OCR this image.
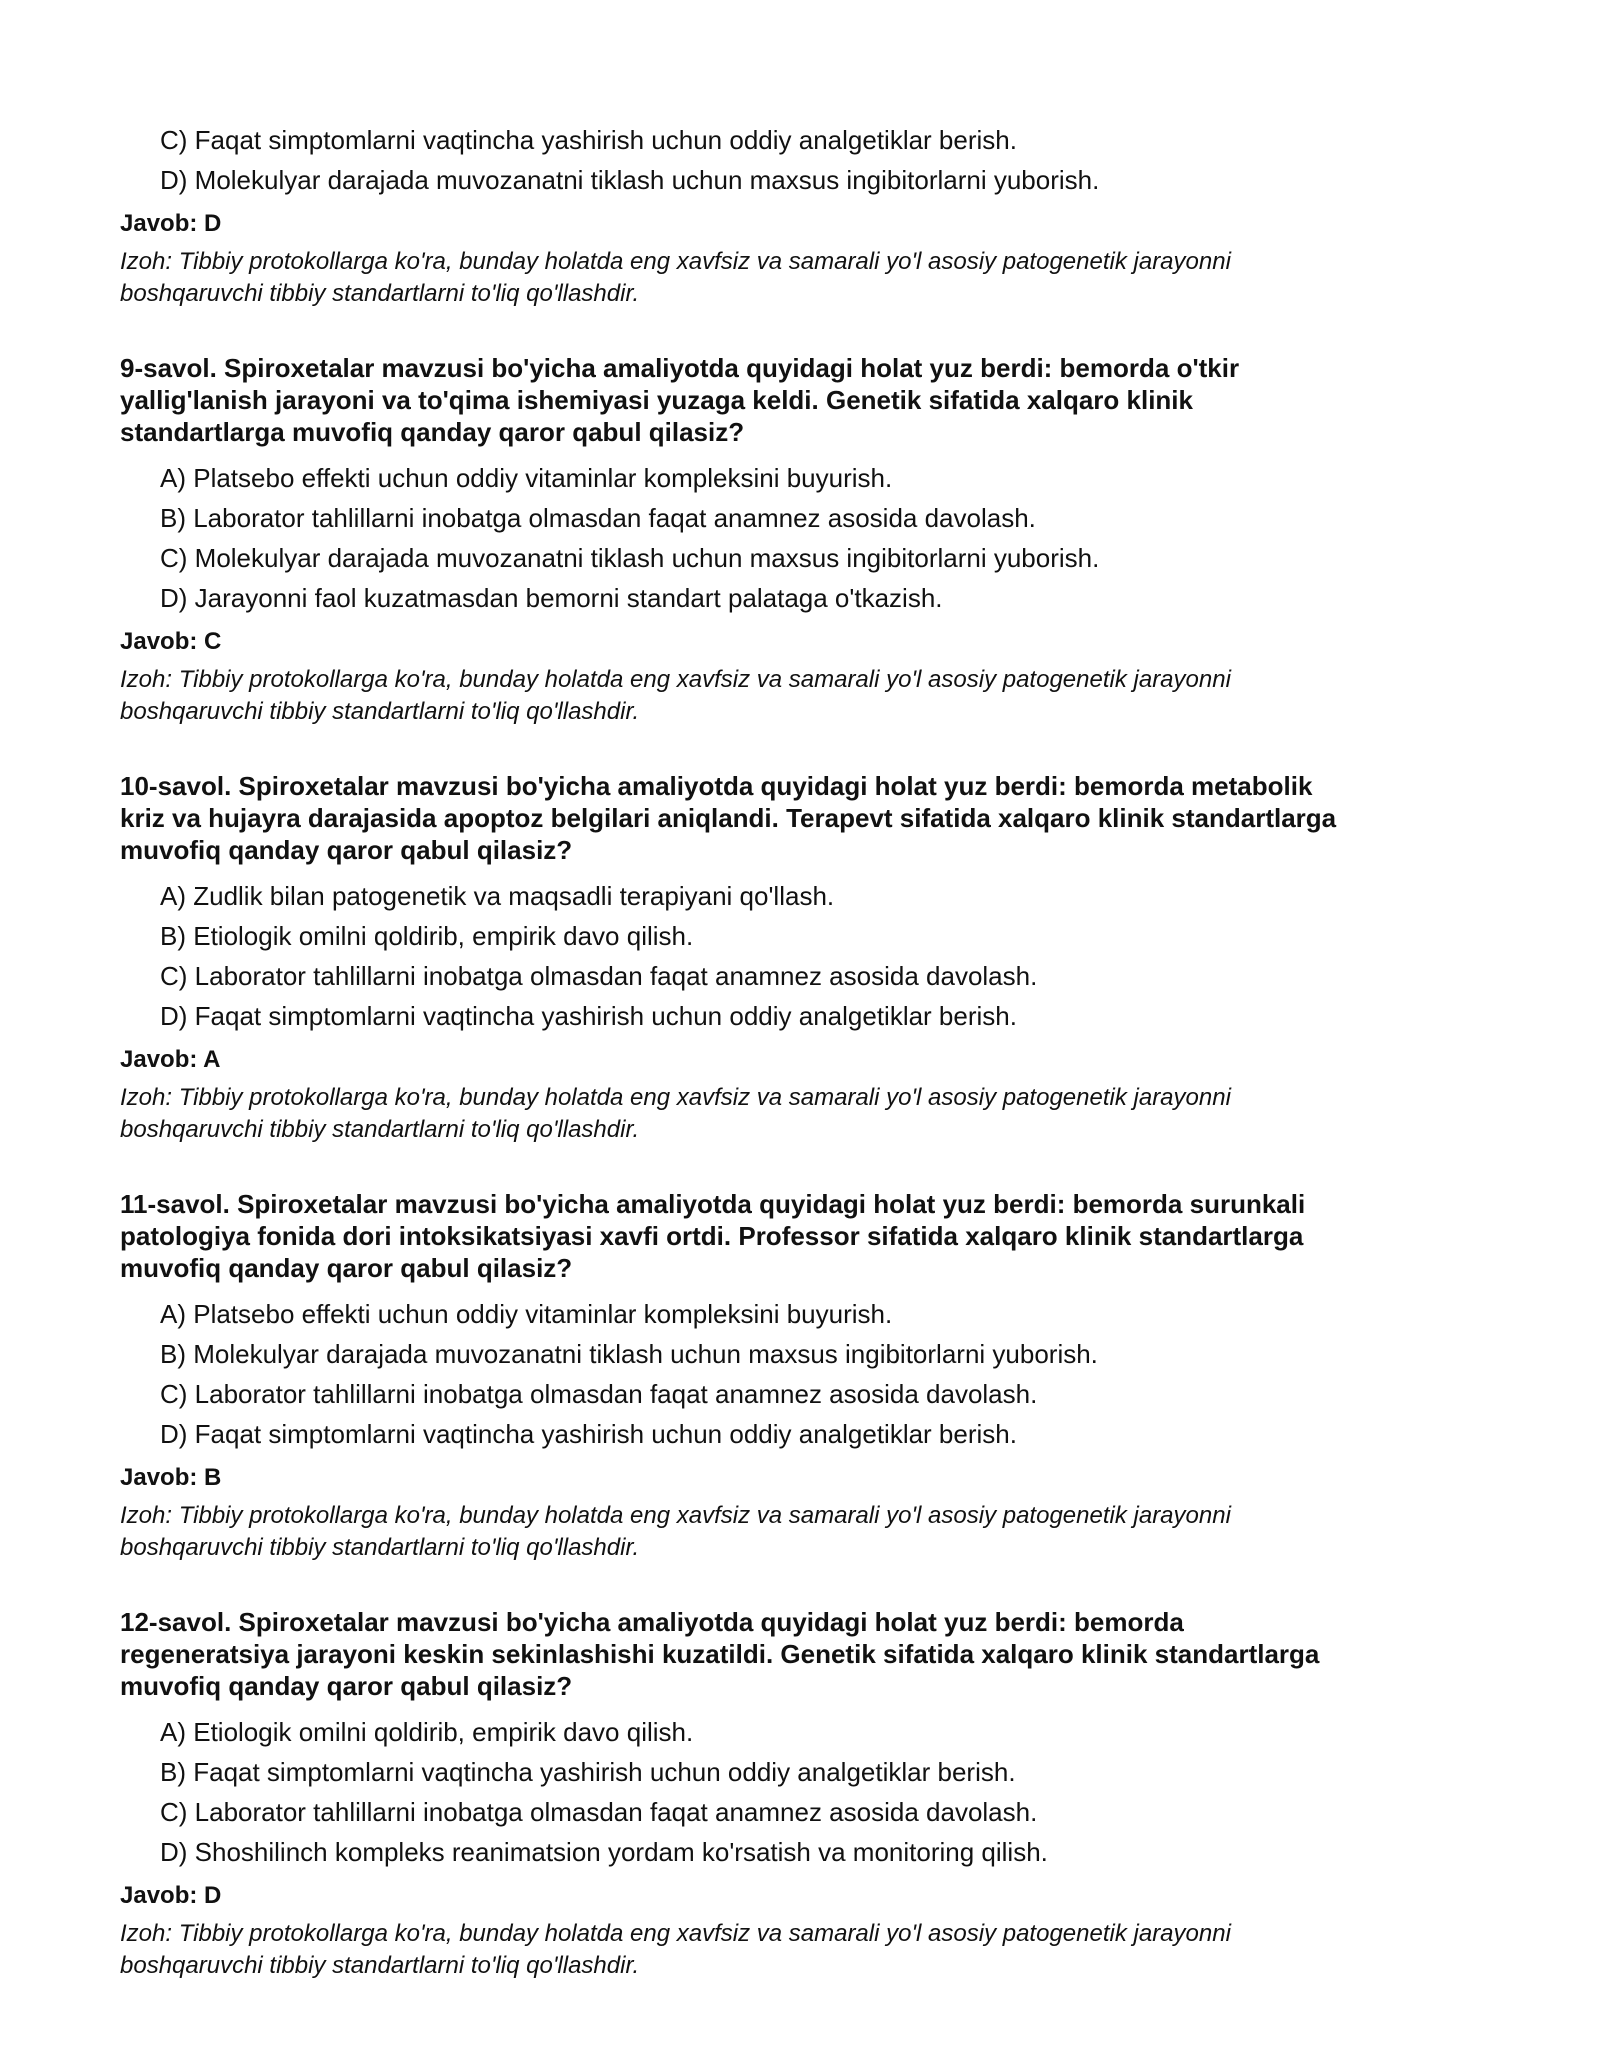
C) Faqat simptomlarni vaqtincha yashirish uchun oddiy analgetiklar berish.
D) Molekulyar darajada muvozanatni tiklash uchun maxsus ingibitorlarni yuborish.
Javob: D
Izoh: Tibbiy protokollarga ko'ra, bunday holatda eng xavfsiz va samarali yo'l asosiy patogenetik jarayonni
boshqaruvchi tibbiy standartlarni to'liq qo'llashdir.
9-savol. Spiroxetalar mavzusi bo'yicha amaliyotda quyidagi holat yuz berdi: bemorda o'tkir
yallig'lanish jarayoni va to'qima ishemiyasi yuzaga keldi. Genetik sifatida xalqaro klinik
standartlarga muvofiq qanday qaror qabul qilasiz?
A) Platsebo effekti uchun oddiy vitaminlar kompleksini buyurish.
B) Laborator tahlillarni inobatga olmasdan faqat anamnez asosida davolash.
C) Molekulyar darajada muvozanatni tiklash uchun maxsus ingibitorlarni yuborish.
D) Jarayonni faol kuzatmasdan bemorni standart palataga o'tkazish.
Javob: C
Izoh: Tibbiy protokollarga ko'ra, bunday holatda eng xavfsiz va samarali yo'l asosiy patogenetik jarayonni
boshqaruvchi tibbiy standartlarni to'liq qo'llashdir.
10-savol. Spiroxetalar mavzusi bo'yicha amaliyotda quyidagi holat yuz berdi: bemorda metabolik
kriz va hujayra darajasida apoptoz belgilari aniqlandi. Terapevt sifatida xalqaro klinik standartlarga
muvofiq qanday qaror qabul qilasiz?
A) Zudlik bilan patogenetik va maqsadli terapiyani qo'llash.
B) Etiologik omilni qoldirib, empirik davo qilish.
C) Laborator tahlillarni inobatga olmasdan faqat anamnez asosida davolash.
D) Faqat simptomlarni vaqtincha yashirish uchun oddiy analgetiklar berish.
Javob: A
Izoh: Tibbiy protokollarga ko'ra, bunday holatda eng xavfsiz va samarali yo'l asosiy patogenetik jarayonni
boshqaruvchi tibbiy standartlarni to'liq qo'llashdir.
11-savol. Spiroxetalar mavzusi bo'yicha amaliyotda quyidagi holat yuz berdi: bemorda surunkali
patologiya fonida dori intoksikatsiyasi xavfi ortdi. Professor sifatida xalqaro klinik standartlarga
muvofiq qanday qaror qabul qilasiz?
A) Platsebo effekti uchun oddiy vitaminlar kompleksini buyurish.
B) Molekulyar darajada muvozanatni tiklash uchun maxsus ingibitorlarni yuborish.
C) Laborator tahlillarni inobatga olmasdan faqat anamnez asosida davolash.
D) Faqat simptomlarni vaqtincha yashirish uchun oddiy analgetiklar berish.
Javob: B
Izoh: Tibbiy protokollarga ko'ra, bunday holatda eng xavfsiz va samarali yo'l asosiy patogenetik jarayonni
boshqaruvchi tibbiy standartlarni to'liq qo'llashdir.
12-savol. Spiroxetalar mavzusi bo'yicha amaliyotda quyidagi holat yuz berdi: bemorda
regeneratsiya jarayoni keskin sekinlashishi kuzatildi. Genetik sifatida xalqaro klinik standartlarga
muvofiq qanday qaror qabul qilasiz?
A) Etiologik omilni qoldirib, empirik davo qilish.
B) Faqat simptomlarni vaqtincha yashirish uchun oddiy analgetiklar berish.
C) Laborator tahlillarni inobatga olmasdan faqat anamnez asosida davolash.
D) Shoshilinch kompleks reanimatsion yordam ko'rsatish va monitoring qilish.
Javob: D
Izoh: Tibbiy protokollarga ko'ra, bunday holatda eng xavfsiz va samarali yo'l asosiy patogenetik jarayonni
boshqaruvchi tibbiy standartlarni to'liq qo'llashdir.
